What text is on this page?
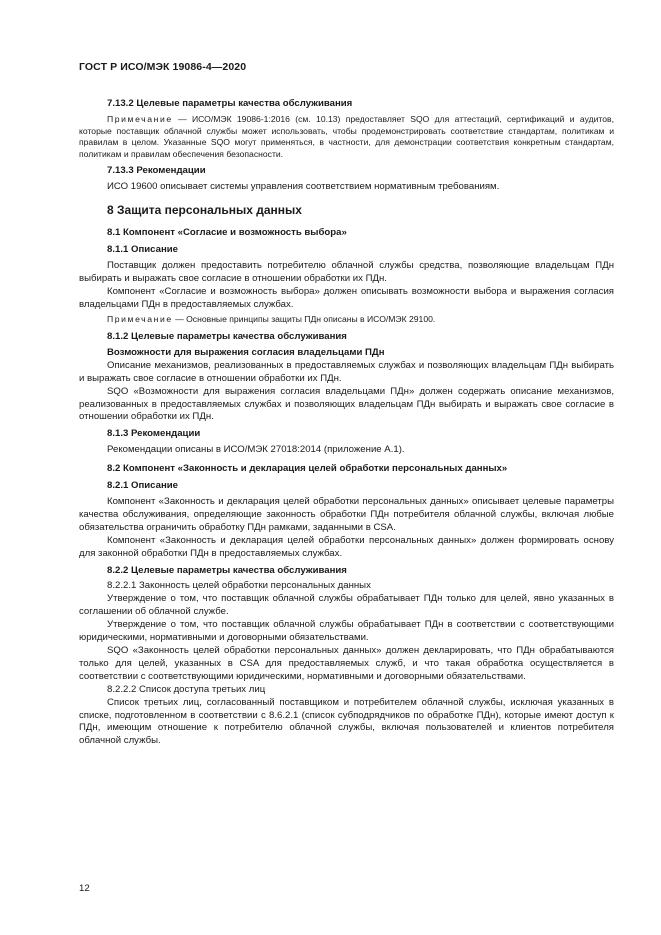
ГОСТ Р ИСО/МЭК 19086-4—2020

7.13.2 Целевые параметры качества обслуживания

Примечание — ИСО/МЭК 19086-1:2016 (см. 10.13) предоставляет SQO для аттестаций, сертификаций и аудитов, которые поставщик облачной службы может использовать, чтобы продемонстрировать соответствие стандартам, политикам и правилам в целом. Указанные SQO могут применяться, в частности, для демонстрации соответствия конкретным стандартам, политикам и правилам обеспечения безопасности.

7.13.3 Рекомендации

ИСО 19600 описывает системы управления соответствием нормативным требованиям.

8 Защита персональных данных

8.1 Компонент «Согласие и возможность выбора»

8.1.1 Описание

Поставщик должен предоставить потребителю облачной службы средства, позволяющие владельцам ПДн выбирать и выражать свое согласие в отношении обработки их ПДн.

Компонент «Согласие и возможность выбора» должен описывать возможности выбора и выражения согласия владельцами ПДн в предоставляемых службах.

Примечание — Основные принципы защиты ПДн описаны в ИСО/МЭК 29100.

8.1.2 Целевые параметры качества обслуживания

Возможности для выражения согласия владельцами ПДн

Описание механизмов, реализованных в предоставляемых службах и позволяющих владельцам ПДн выбирать и выражать свое согласие в отношении обработки их ПДн.

SQO «Возможности для выражения согласия владельцами ПДн» должен содержать описание механизмов, реализованных в предоставляемых службах и позволяющих владельцам ПДн выбирать и выражать свое согласие в отношении обработки их ПДн.

8.1.3 Рекомендации

Рекомендации описаны в ИСО/МЭК 27018:2014 (приложение А.1).

8.2 Компонент «Законность и декларация целей обработки персональных данных»

8.2.1 Описание

Компонент «Законность и декларация целей обработки персональных данных» описывает целевые параметры качества обслуживания, определяющие законность обработки ПДн потребителя облачной службы, включая любые обязательства ограничить обработку ПДн рамками, заданными в CSA.

Компонент «Законность и декларация целей обработки персональных данных» должен формировать основу для законной обработки ПДн в предоставляемых службах.

8.2.2 Целевые параметры качества обслуживания

8.2.2.1 Законность целей обработки персональных данных

Утверждение о том, что поставщик облачной службы обрабатывает ПДн только для целей, явно указанных в соглашении об облачной службе.

Утверждение о том, что поставщик облачной службы обрабатывает ПДн в соответствии с соответствующими юридическими, нормативными и договорными обязательствами.

SQO «Законность целей обработки персональных данных» должен декларировать, что ПДн обрабатываются только для целей, указанных в CSA для предоставляемых служб, и что такая обработка осуществляется в соответствии с соответствующими юридическими, нормативными и договорными обязательствами.

8.2.2.2 Список доступа третьих лиц

Список третьих лиц, согласованный поставщиком и потребителем облачной службы, исключая указанных в списке, подготовленном в соответствии с 8.6.2.1 (список субподрядчиков по обработке ПДн), которые имеют доступ к ПДн, имеющим отношение к потребителю облачной службы, включая пользователей и клиентов потребителя облачной службы.

12
